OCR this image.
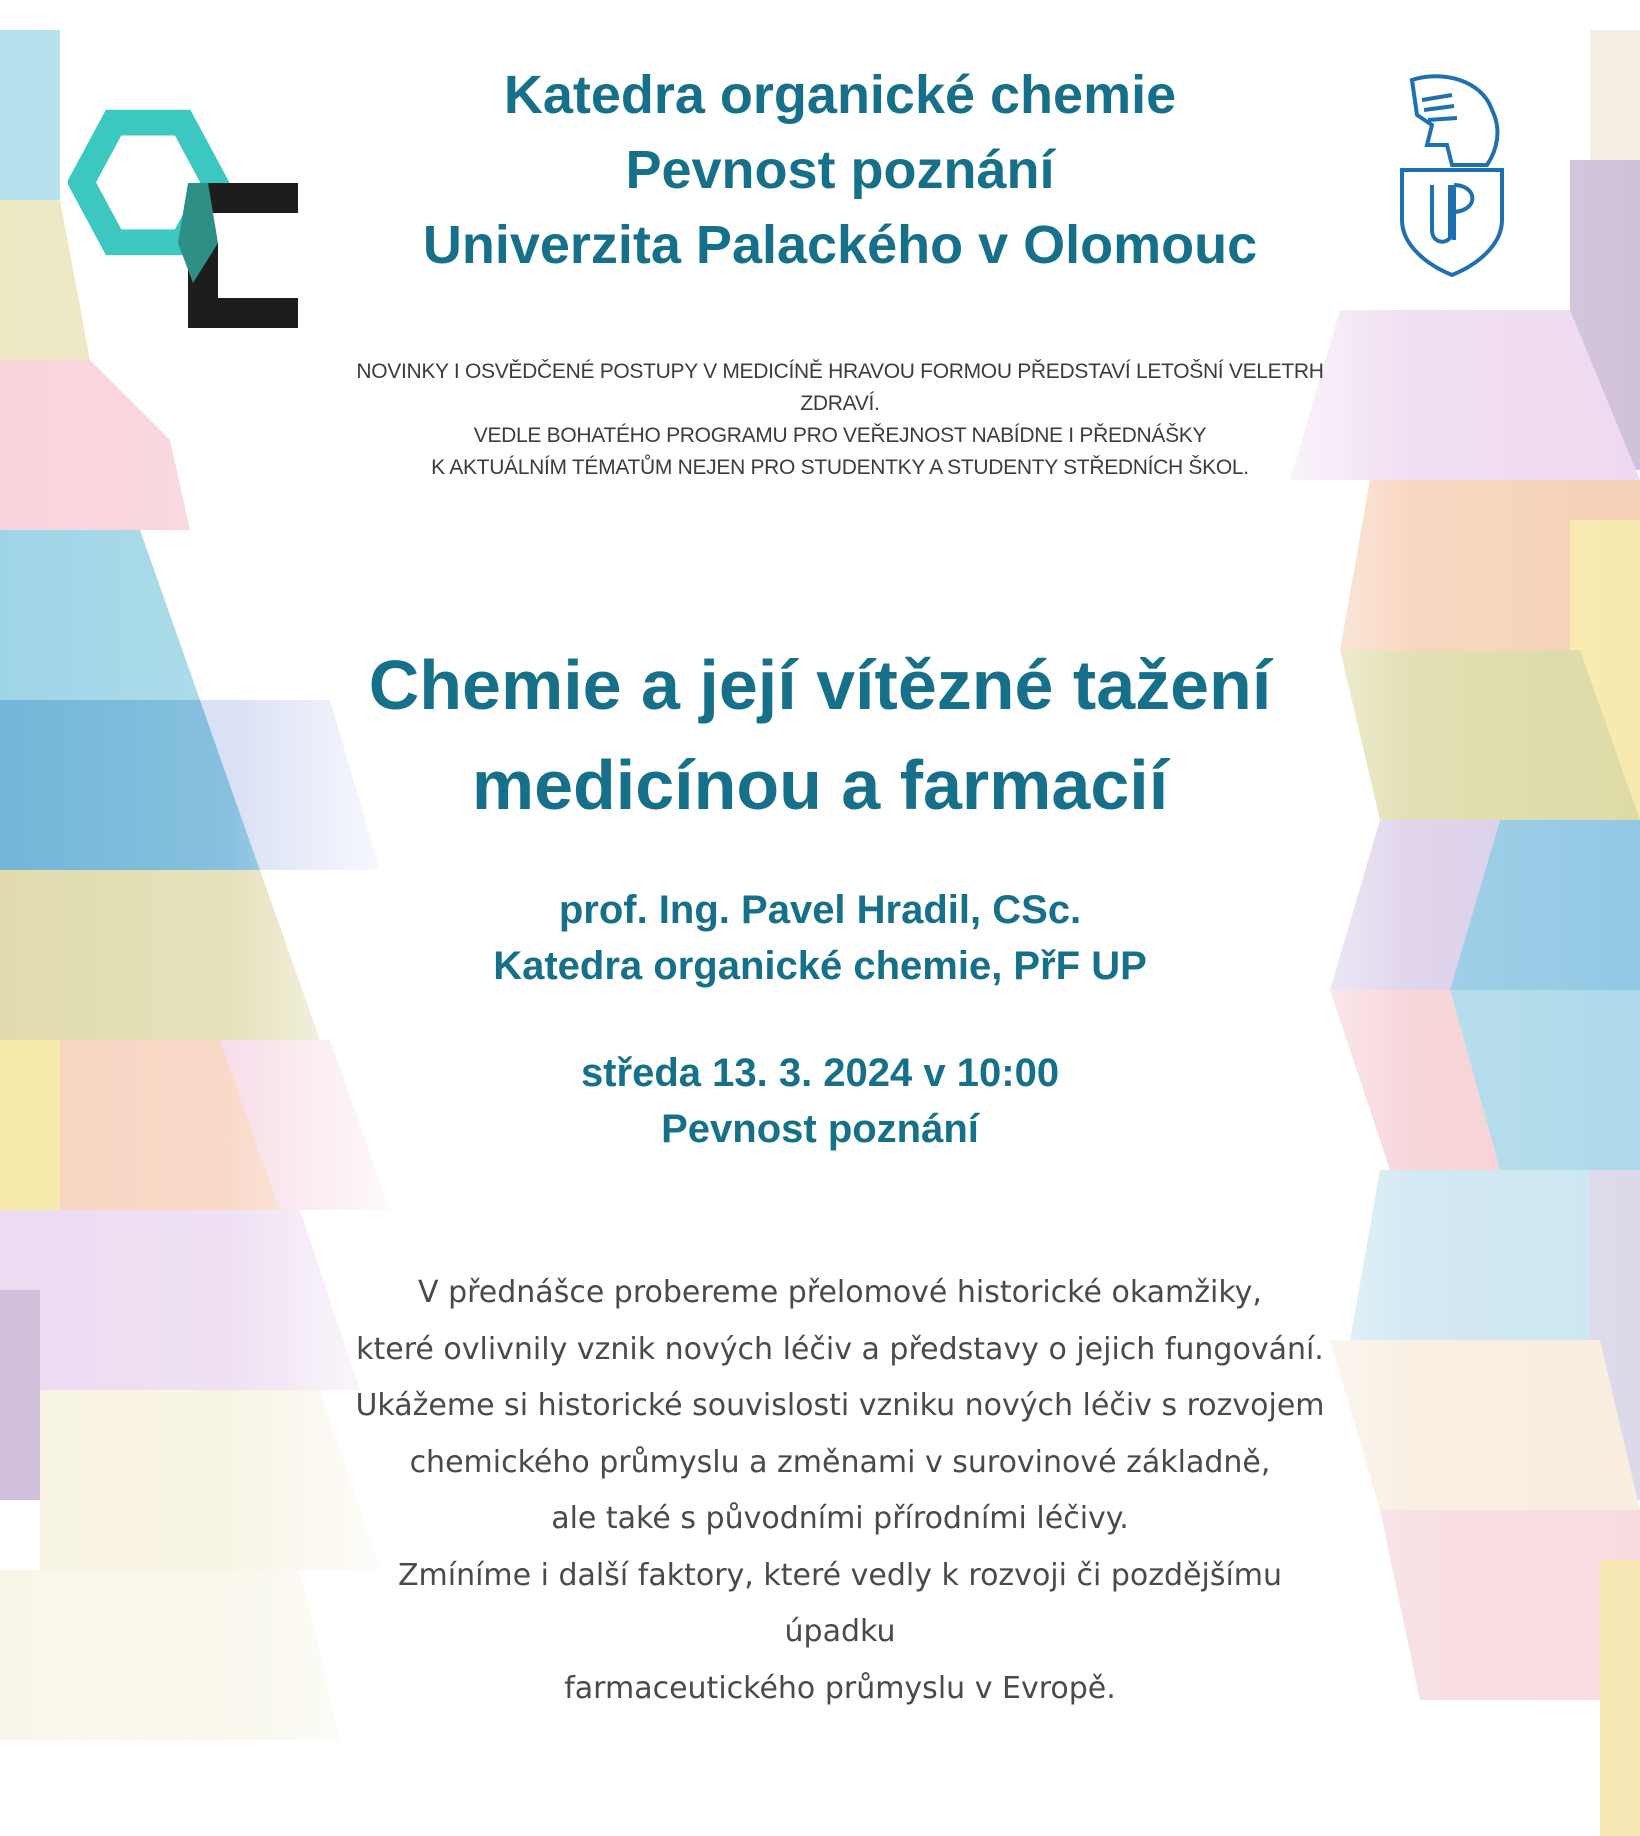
Katedra organické chemie
Pevnost poznání
Univerzita Palackého v Olomouc
NOVINKY I OSVĚDČENÉ POSTUPY V MEDICÍNĚ HRAVOU FORMOU PŘEDSTAVÍ LETOŠNÍ VELETRH ZDRAVÍ.
VEDLE BOHATÉHO PROGRAMU PRO VEŘEJNOST NABÍDNE I PŘEDNÁŠKY
K AKTUÁLNÍM TÉMATŮM NEJEN PRO STUDENTKY A STUDENTY STŘEDNÍCH ŠKOL.
Chemie a její vítězné tažení
medicínou a farmacií
prof. Ing. Pavel Hradil, CSc.
Katedra organické chemie, PřF UP
středa 13. 3. 2024 v 10:00
Pevnost poznání
V přednášce probereme přelomové historické okamžiky,
které ovlivnily vznik nových léčiv a představy o jejich fungování.
Ukážeme si historické souvislosti vzniku nových léčiv s rozvojem
chemického průmyslu a změnami v surovinové základně,
ale také s původními přírodními léčivy.
Zmíníme i další faktory, které vedly k rozvoji či pozdějšímu úpadku
farmaceutického průmyslu v Evropě.
